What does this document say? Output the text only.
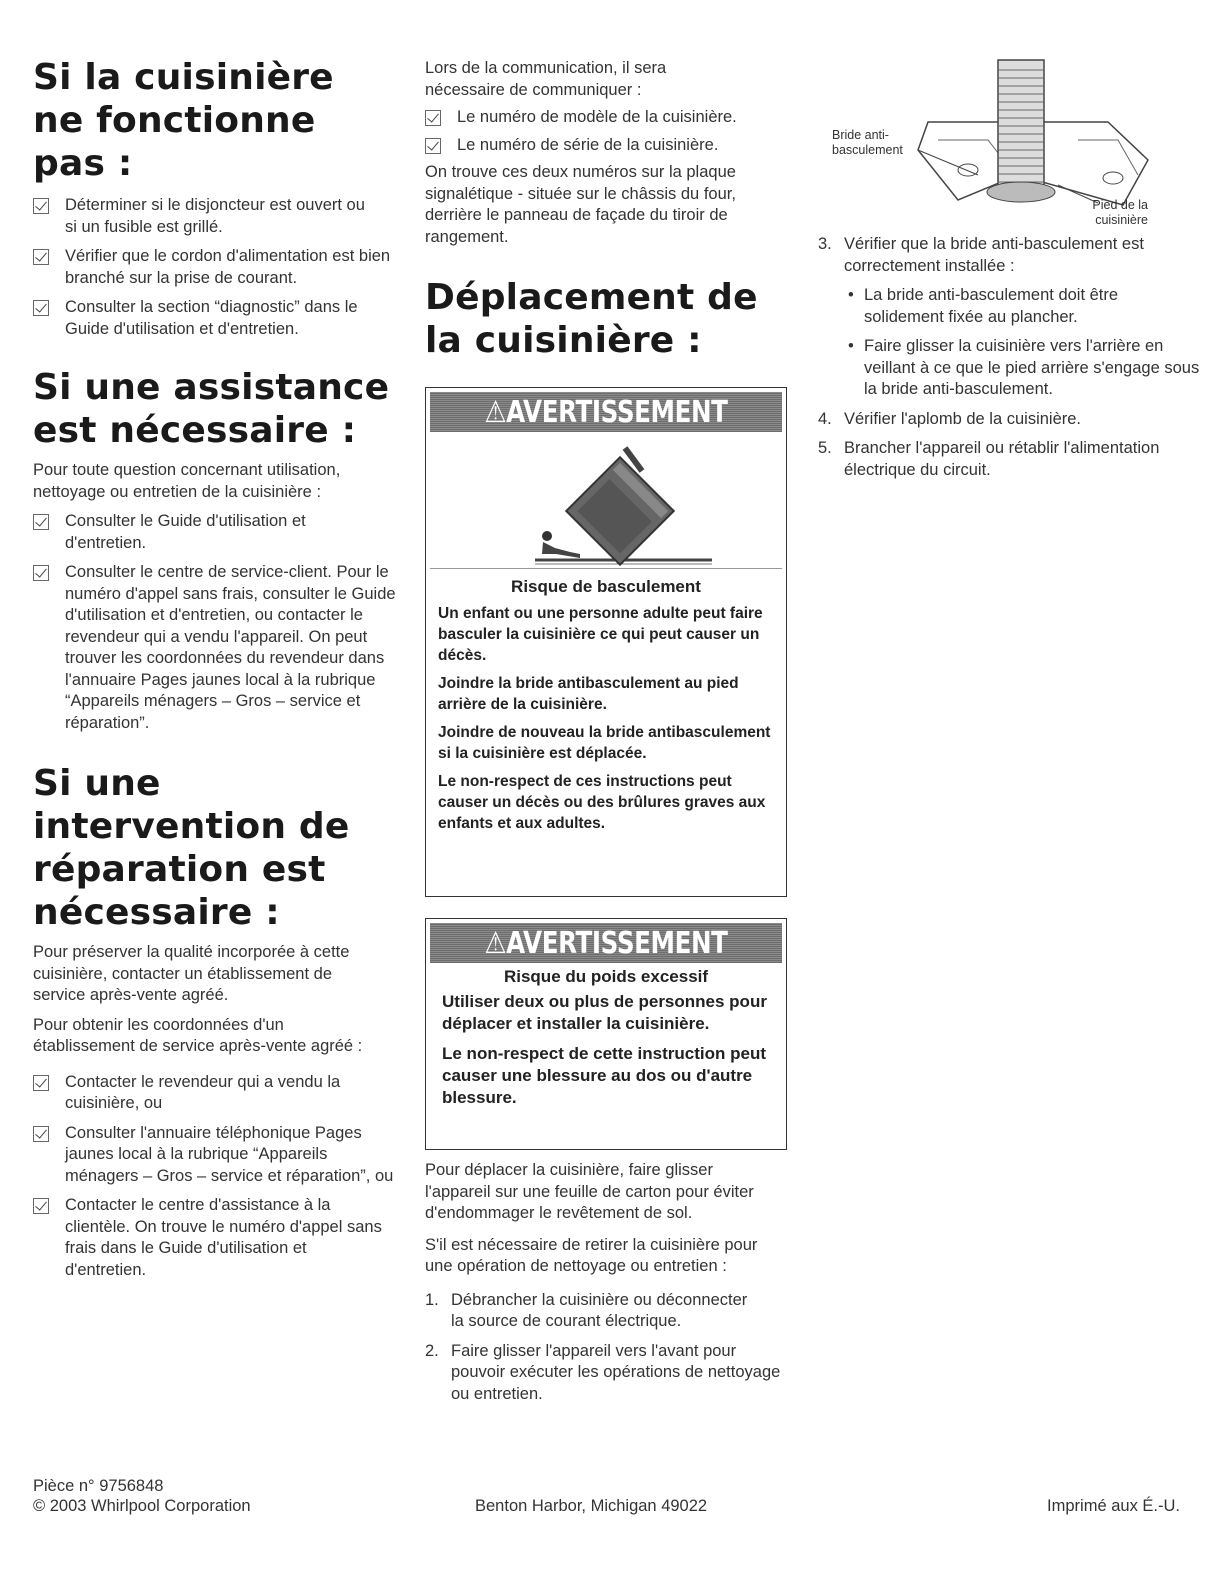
Si la cuisinière ne fonctionne pas :
Déterminer si le disjoncteur est ouvert ou si un fusible est grillé.
Vérifier que le cordon d'alimentation est bien branché sur la prise de courant.
Consulter la section “diagnostic” dans le Guide d'utilisation et d'entretien.
Si une assistance est nécessaire :

Pour toute question concernant utilisation, nettoyage ou entretien de la cuisinière :

Consulter le Guide d'utilisation et d'entretien.
Consulter le centre de service-client. Pour le numéro d'appel sans frais, consulter le Guide d'utilisation et d'entretien, ou contacter le revendeur qui a vendu l'appareil. On peut trouver les coordonnées du revendeur dans l'annuaire Pages jaunes local à la rubrique “Appareils ménagers – Gros – service et réparation”.
Si une intervention de réparation est nécessaire :

Pour préserver la qualité incorporée à cette cuisinière, contacter un établissement de service après-vente agréé.

Pour obtenir les coordonnées d'un établissement de service après-vente agréé :

Contacter le revendeur qui a vendu la cuisinière, ou
Consulter l'annuaire téléphonique Pages jaunes local à la rubrique “Appareils ménagers – Gros – service et réparation”, ou
Contacter le centre d'assistance à la clientèle. On trouve le numéro d'appel sans frais dans le Guide d'utilisation et d'entretien.

Lors de la communication, il sera nécessaire de communiquer :

Le numéro de modèle de la cuisinière.
Le numéro de série de la cuisinière.

On trouve ces deux numéros sur la plaque signalétique - située sur le châssis du four, derrière le panneau de façade du tiroir de rangement.

Déplacement de la cuisinière :
⚠AVERTISSEMENT
Risque de basculement

Un enfant ou une personne adulte peut faire basculer la cuisinière ce qui peut causer un décès.

Joindre la bride antibasculement au pied arrière de la cuisinière.

Joindre de nouveau la bride antibasculement si la cuisinière est déplacée.

Le non-respect de ces instructions peut causer un décès ou des brûlures graves aux enfants et aux adultes.

⚠AVERTISSEMENT
Risque du poids excessif

Utiliser deux ou plus de personnes pour déplacer et installer la cuisinière.

Le non-respect de cette instruction peut causer une blessure au dos ou d'autre blessure.

Pour déplacer la cuisinière, faire glisser l'appareil sur une feuille de carton pour éviter d'endommager le revêtement de sol.

S'il est nécessaire de retirer la cuisinière pour une opération de nettoyage ou entretien :

1. Débrancher la cuisinière ou déconnecter la source de courant électrique.
2. Faire glisser l'appareil vers l'avant pour pouvoir exécuter les opérations de nettoyage ou entretien.
Bride anti-basculement
Pied de la cuisinière
3. Vérifier que la bride anti-basculement est correctement installée :
• La bride anti-basculement doit être solidement fixée au plancher.
• Faire glisser la cuisinière vers l'arrière en veillant à ce que le pied arrière s'engage sous la bride anti-basculement.
4. Vérifier l'aplomb de la cuisinière.
5. Brancher l'appareil ou rétablir l'alimentation électrique du circuit.
Pièce n° 9756848
© 2003 Whirlpool Corporation	Benton Harbor, Michigan 49022	Imprimé aux É.-U.
